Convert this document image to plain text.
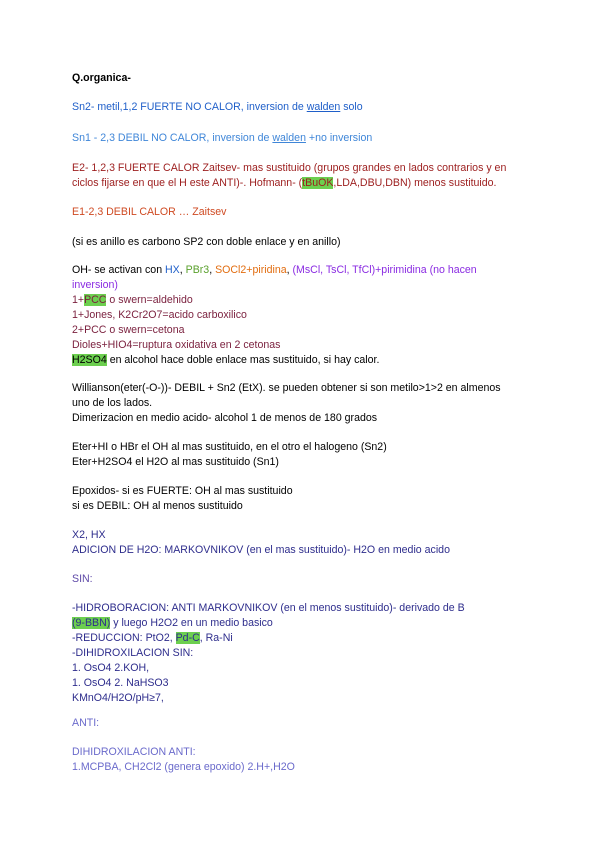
Q.organica-
Sn2- metil,1,2 FUERTE NO CALOR, inversion de walden solo
Sn1 - 2,3 DEBIL NO CALOR, inversion de walden +no inversion
E2- 1,2,3 FUERTE CALOR Zaitsev- mas sustituido (grupos grandes en lados contrarios y en
ciclos fijarse en que el H este ANTI)-. Hofmann- (tBuOK,LDA,DBU,DBN) menos sustituido.
E1-2,3 DEBIL CALOR … Zaitsev
(si es anillo es carbono SP2 con doble enlace y en anillo)
OH- se activan con HX, PBr3, SOCl2+piridina, (MsCl, TsCl, TfCl)+pirimidina (no hacen
inversion)
1+PCC o swern=aldehido
1+Jones, K2Cr2O7=acido carboxilico
2+PCC o swern=cetona
Dioles+HIO4=ruptura oxidativa en 2 cetonas
H2SO4 en alcohol hace doble enlace mas sustituido, si hay calor.
Willianson(eter(-O-))- DEBIL + Sn2 (EtX). se pueden obtener si son metilo>1>2 en almenos
uno de los lados.
Dimerizacion en medio acido- alcohol 1 de menos de 180 grados
Eter+HI o HBr el OH al mas sustituido, en el otro el halogeno (Sn2)
Eter+H2SO4 el H2O al mas sustituido (Sn1)
Epoxidos- si es FUERTE: OH al mas sustituido
si es DEBIL: OH al menos sustituido
X2, HX
ADICION DE H2O: MARKOVNIKOV (en el mas sustituido)- H2O en medio acido
SIN:
-HIDROBORACION: ANTI MARKOVNIKOV (en el menos sustituido)- derivado de B
(9-BBN) y luego H2O2 en un medio basico
-REDUCCION: PtO2, Pd-C, Ra-Ni
-DIHIDROXILACION SIN:
1. OsO4 2.KOH,
1. OsO4 2. NaHSO3
KMnO4/H2O/pH≥7,
ANTI:
DIHIDROXILACION ANTI:
1.MCPBA, CH2Cl2 (genera epoxido) 2.H+,H2O
